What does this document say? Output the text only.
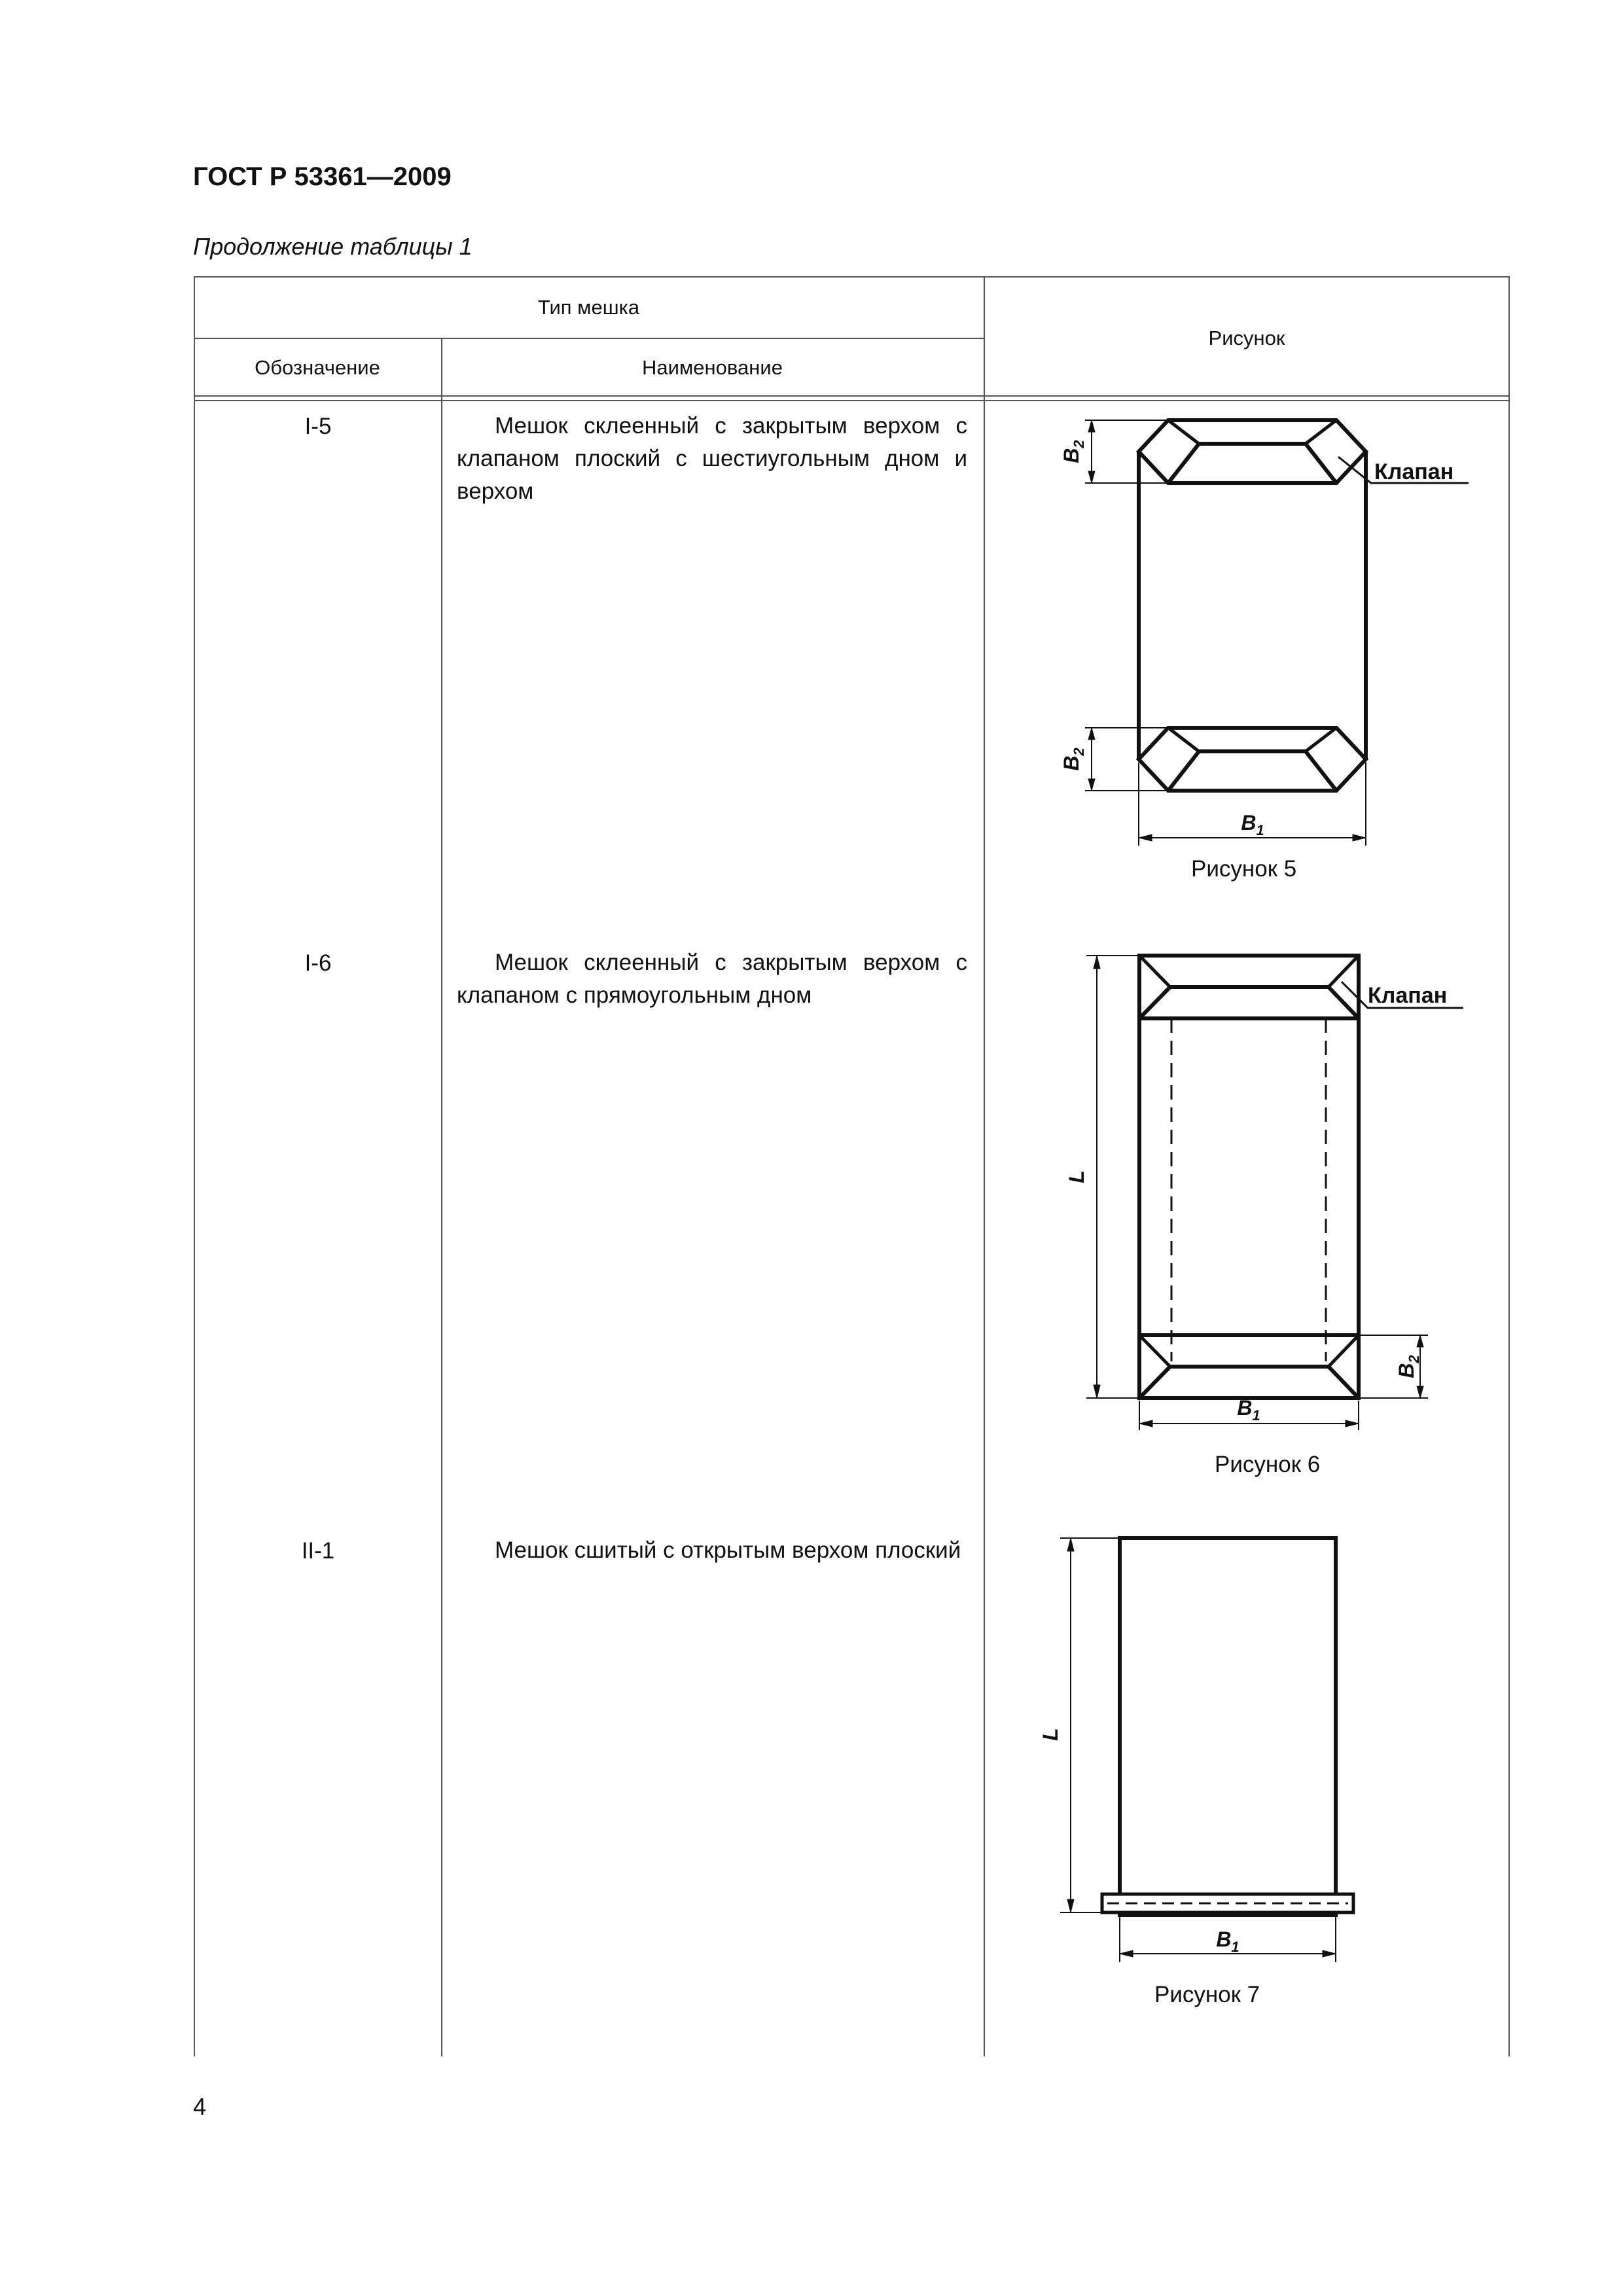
ГОСТ Р 53361—2009
Продолжение таблицы 1
Тип мешка
Обозначение	Наименование
Рисунок
I-5	Мешок склеенный с закрытым верхом с клапаном плоский с шестиугольным дном и верхом
I-6	Мешок склеенный с закрытым верхом с клапаном с прямоугольным дном
II-1	Мешок сшитый с открытым верхом плоский
Клапан
$B_2$
$B_2$
$B_1$
Рисунок 5
Клапан
L
$B_2$
$B_1$
Рисунок 6
L
$B_1$
Рисунок 7
4
